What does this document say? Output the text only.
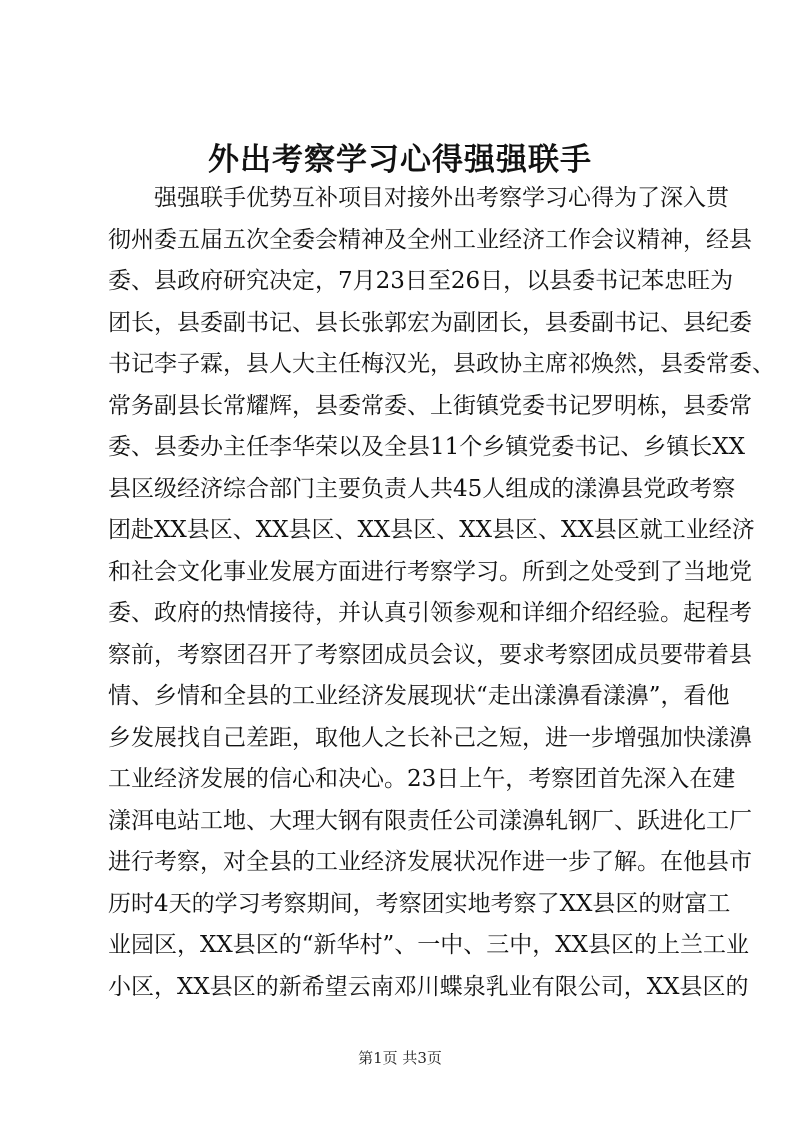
外出考察学习心得强强联手
强强联手优势互补项目对接外出考察学习心得为了深入贯
彻州委五届五次全委会精神及全州工业经济工作会议精神，经县
委、县政府研究决定，7月23日至26日，以县委书记苯忠旺为
团长，县委副书记、县长张郭宏为副团长，县委副书记、县纪委
书记李子霖，县人大主任梅汉光，县政协主席祁焕然，县委常委、
常务副县长常耀辉，县委常委、上街镇党委书记罗明栋，县委常
委、县委办主任李华荣以及全县11个乡镇党委书记、乡镇长XX
县区级经济综合部门主要负责人共45人组成的漾濞县党政考察
团赴XX县区、XX县区、XX县区、XX县区、XX县区就工业经济
和社会文化事业发展方面进行考察学习。所到之处受到了当地党
委、政府的热情接待，并认真引领参观和详细介绍经验。起程考
察前，考察团召开了考察团成员会议，要求考察团成员要带着县
情、乡情和全县的工业经济发展现状“走出漾濞看漾濞”，看他
乡发展找自己差距，取他人之长补己之短，进一步增强加快漾濞
工业经济发展的信心和决心。23日上午，考察团首先深入在建
漾洱电站工地、大理大钢有限责任公司漾濞轧钢厂、跃进化工厂
进行考察，对全县的工业经济发展状况作进一步了解。在他县市
历时4天的学习考察期间，考察团实地考察了XX县区的财富工
业园区，XX县区的“新华村”、一中、三中，XX县区的上兰工业
小区，XX县区的新希望云南邓川蝶泉乳业有限公司，XX县区的
第1页 共3页
